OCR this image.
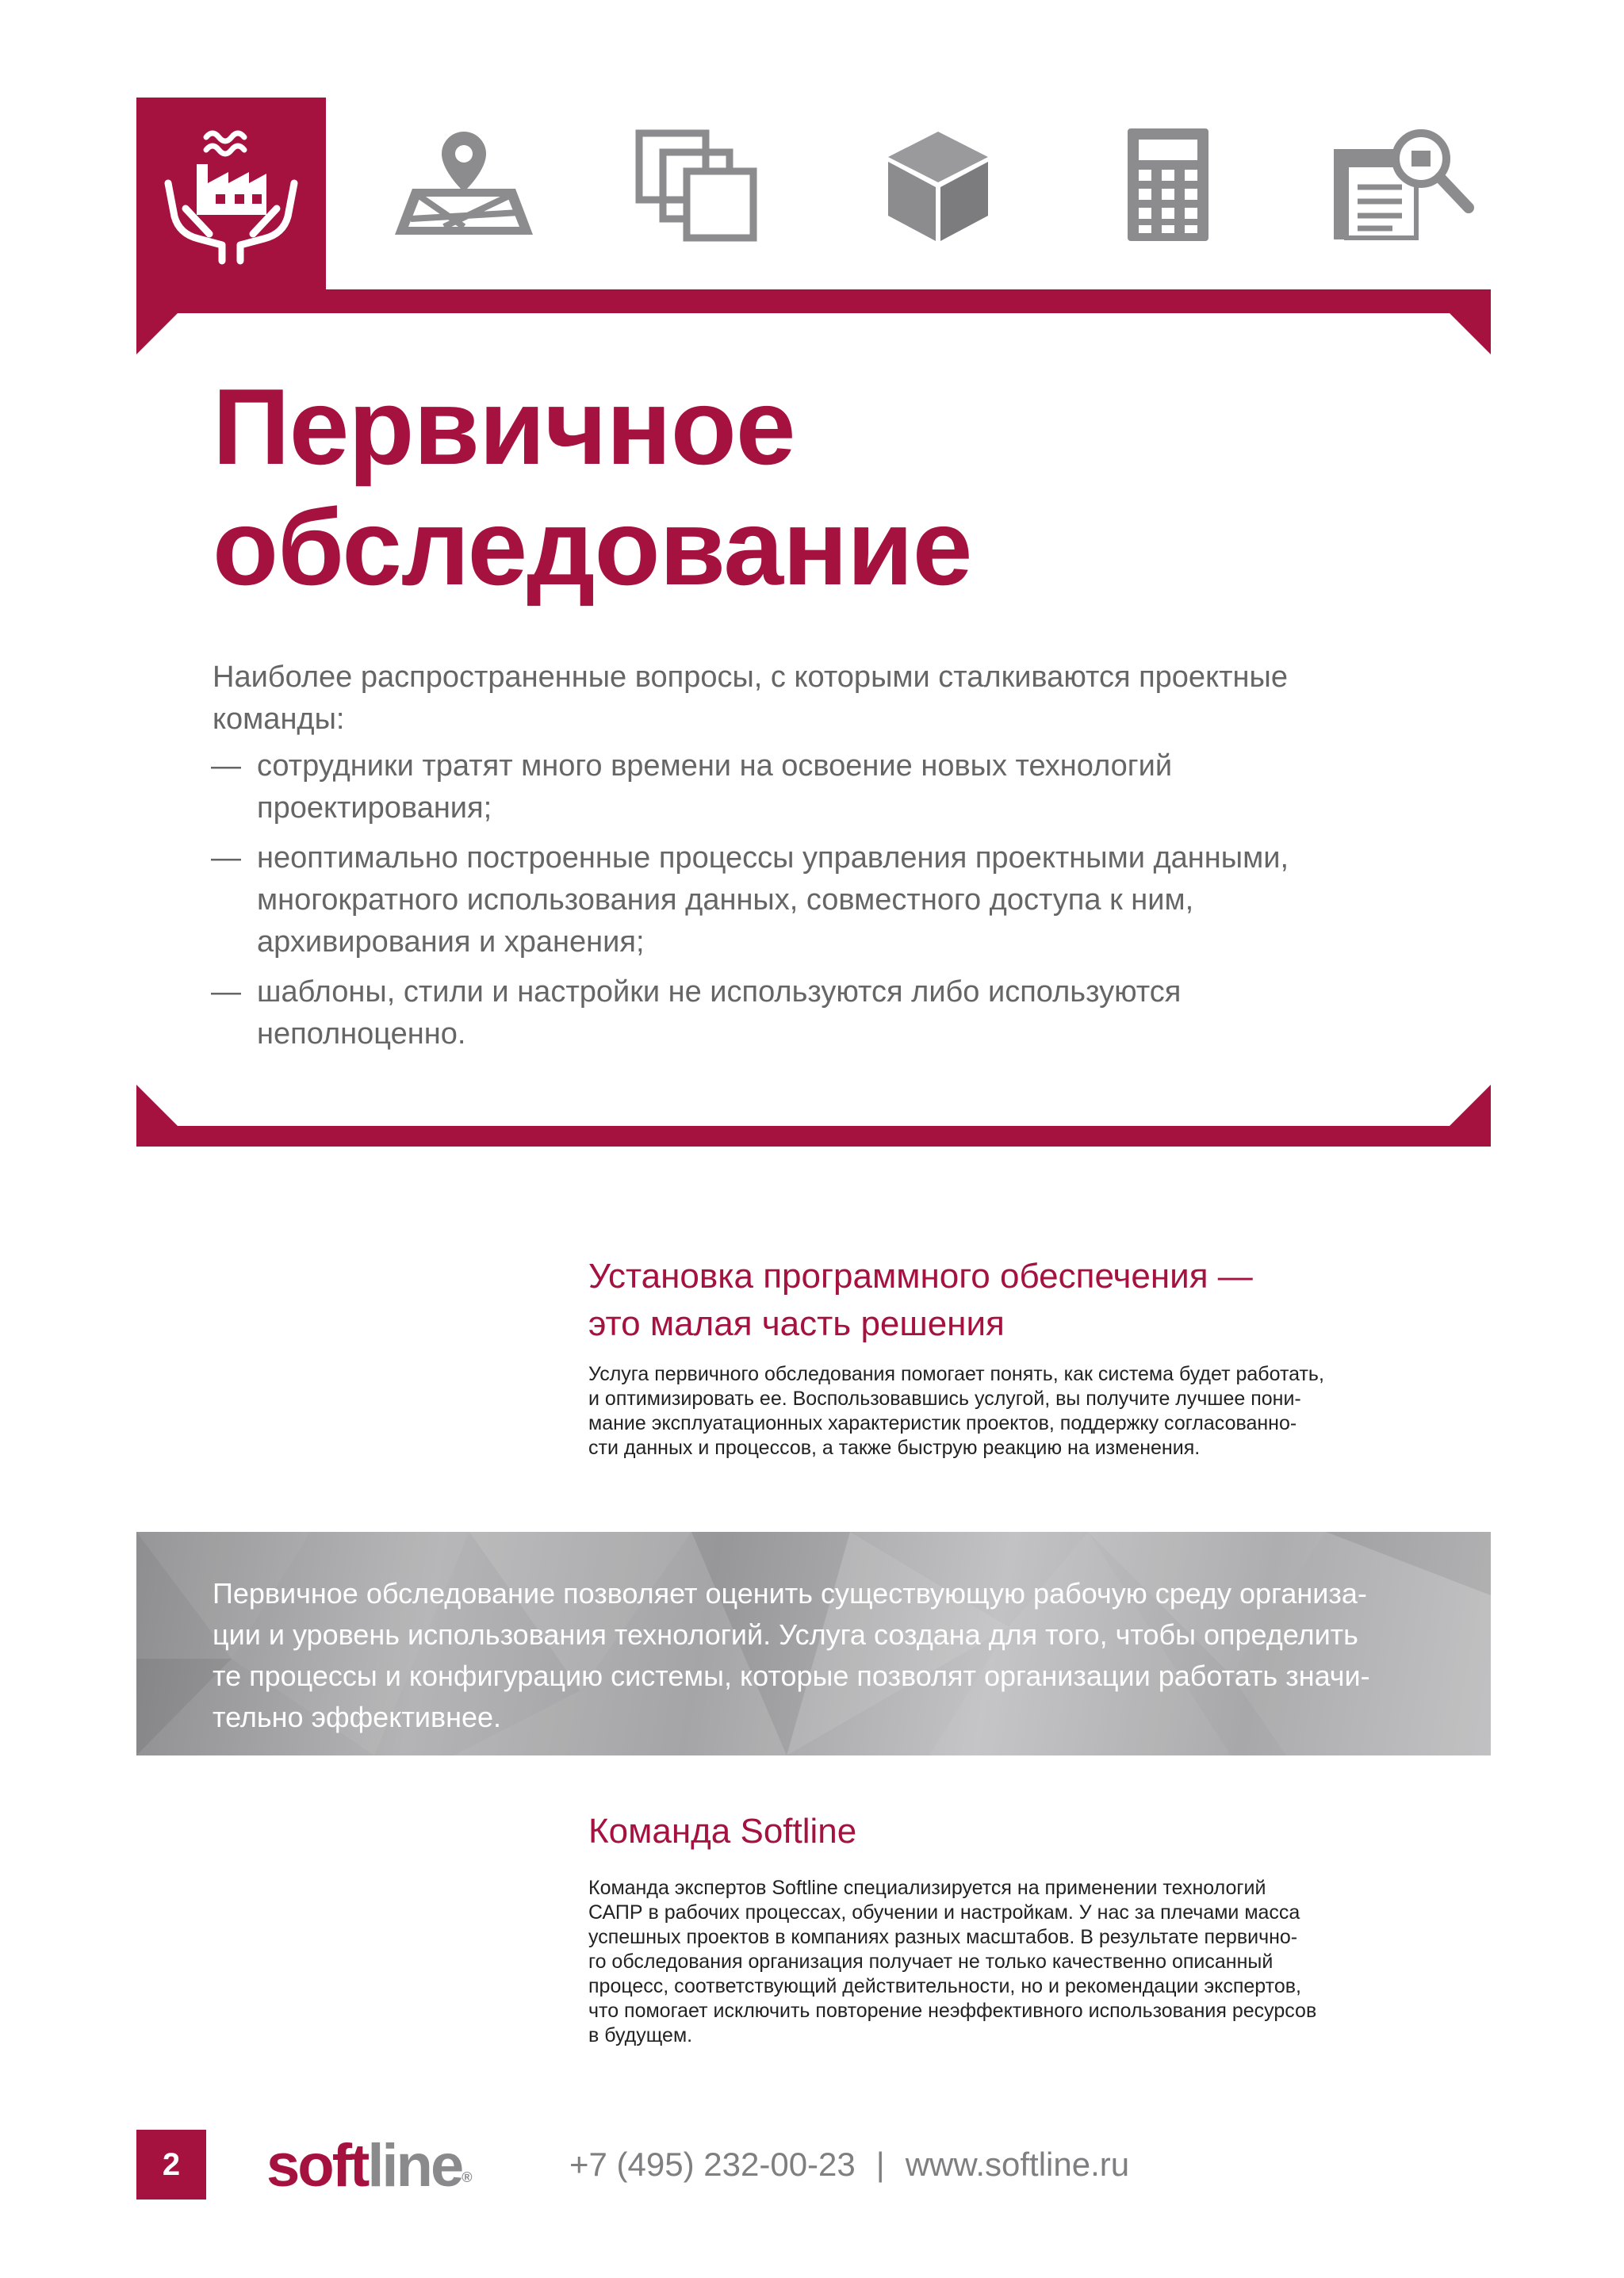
Первичное
обследование

Наиболее распространенные вопросы, с которыми сталкиваются проектные команды:

— сотрудники тратят много времени на освоение новых технологий
проектирования;
— неоптимально построенные процессы управления проектными данными,
многократного использования данных, совместного доступа к ним,
архивирования и хранения;
— шаблоны, стили и настройки не используются либо используются
неполноценно.
Установка программного обеспечения —
это малая часть решения

Услуга первичного обследования помогает понять, как система будет работать,
и оптимизировать ее. Воспользовавшись услугой, вы получите лучшее пони-
мание эксплуатационных характеристик проектов, поддержку согласованно-
сти данных и процессов, а также быструю реакцию на изменения.

Первичное обследование позволяет оценить существующую рабочую среду организа-
ции и уровень использования технологий. Услуга создана для того, чтобы определить
те процессы и конфигурацию системы, которые позволят организации работать значи-
тельно эффективнее.

Команда Softline

Команда экспертов Softline специализируется на применении технологий
САПР в рабочих процессах, обучении и настройкам. У нас за плечами масса
успешных проектов в компаниях разных масштабов. В результате первично-
го обследования организация получает не только качественно описанный
процесс, соответствующий действительности, но и рекомендации экспертов,
что помогает исключить повторение неэффективного использования ресурсов
в будущем.

2	softline®	+7 (495) 232-00-23 | www.softline.ru
